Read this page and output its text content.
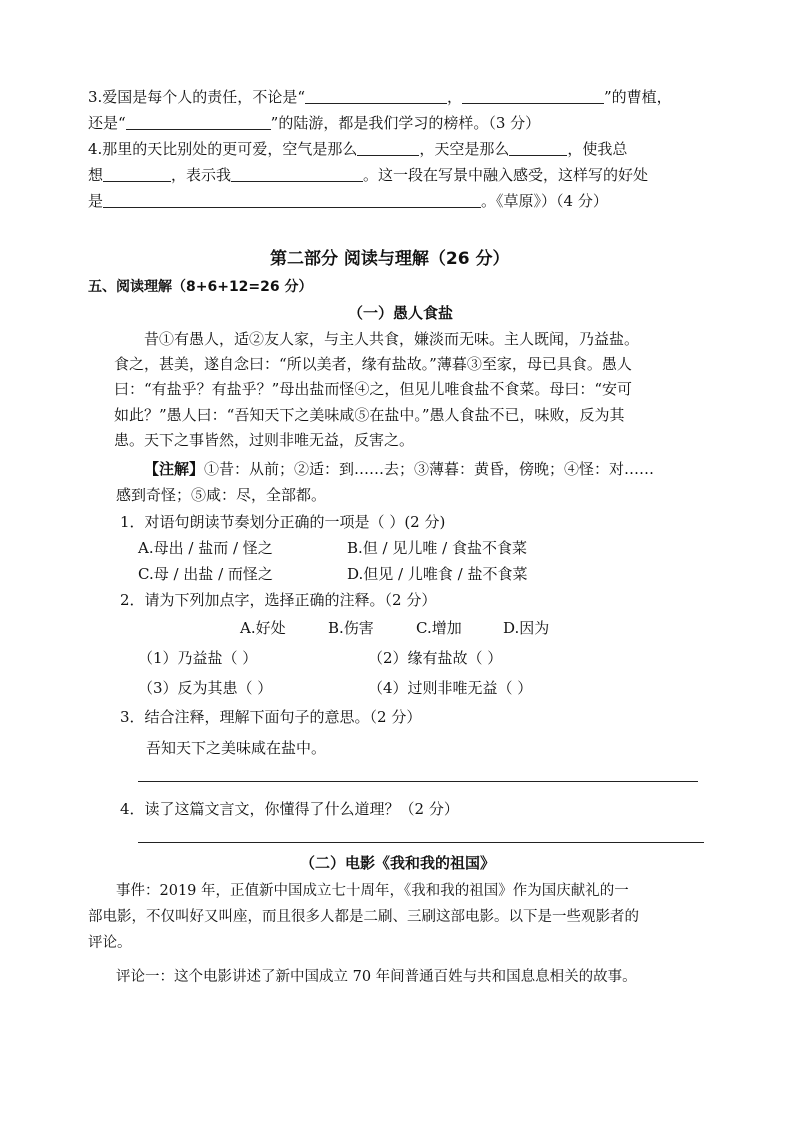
3.爱国是每个人的责任，不论是“	，	”的曹植，
还是“	”的陆游，都是我们学习的榜样。（3 分）
4.那里的天比别处的更可爱，空气是那么	，天空是那么	，使我总
想	，表示我	。这一段在写景中融入感受，这样写的好处
是	。《草原》）（4 分）
第二部分 阅读与理解（26 分）
五、阅读理解（8+6+12=26 分）
（一）愚人食盐
昔①有愚人，适②友人家，与主人共食，嫌淡而无味。主人既闻，乃益盐。
食之，甚美，遂自念曰：“所以美者，缘有盐故。”薄暮③至家，母已具食。愚人
曰：“有盐乎？有盐乎？”母出盐而怪④之，但见儿唯食盐不食菜。母曰：“安可
如此？”愚人曰：“吾知天下之美味咸⑤在盐中。”愚人食盐不已，味败，反为其
患。天下之事皆然，过则非唯无益，反害之。
【注解】①昔：从前；②适：到……去；③薄暮：黄昏，傍晚；④怪：对……
感到奇怪；⑤咸：尽，全部都。
1．对语句朗读节奏划分正确的一项是（ ）(2 分)
A.母出 / 盐而 / 怪之	B.但 / 见儿唯 / 食盐不食菜
C.母 / 出盐 / 而怪之	D.但见 / 儿唯食 / 盐不食菜
2．请为下列加点字，选择正确的注释。（2 分）
A.好处	B.伤害	C.增加	D.因为
（1）乃益盐（ ）	（2）缘有盐故（ ）
（3）反为其患（ ）	（4）过则非唯无益（ ）
3．结合注释，理解下面句子的意思。（2 分）
吾知天下之美味咸在盐中。
4．读了这篇文言文，你懂得了什么道理？（2 分）
（二）电影《我和我的祖国》
事件：2019 年，正值新中国成立七十周年，《我和我的祖国》作为国庆献礼的一
部电影，不仅叫好又叫座，而且很多人都是二刷、三刷这部电影。以下是一些观影者的
评论。
评论一：这个电影讲述了新中国成立 70 年间普通百姓与共和国息息相关的故事。
